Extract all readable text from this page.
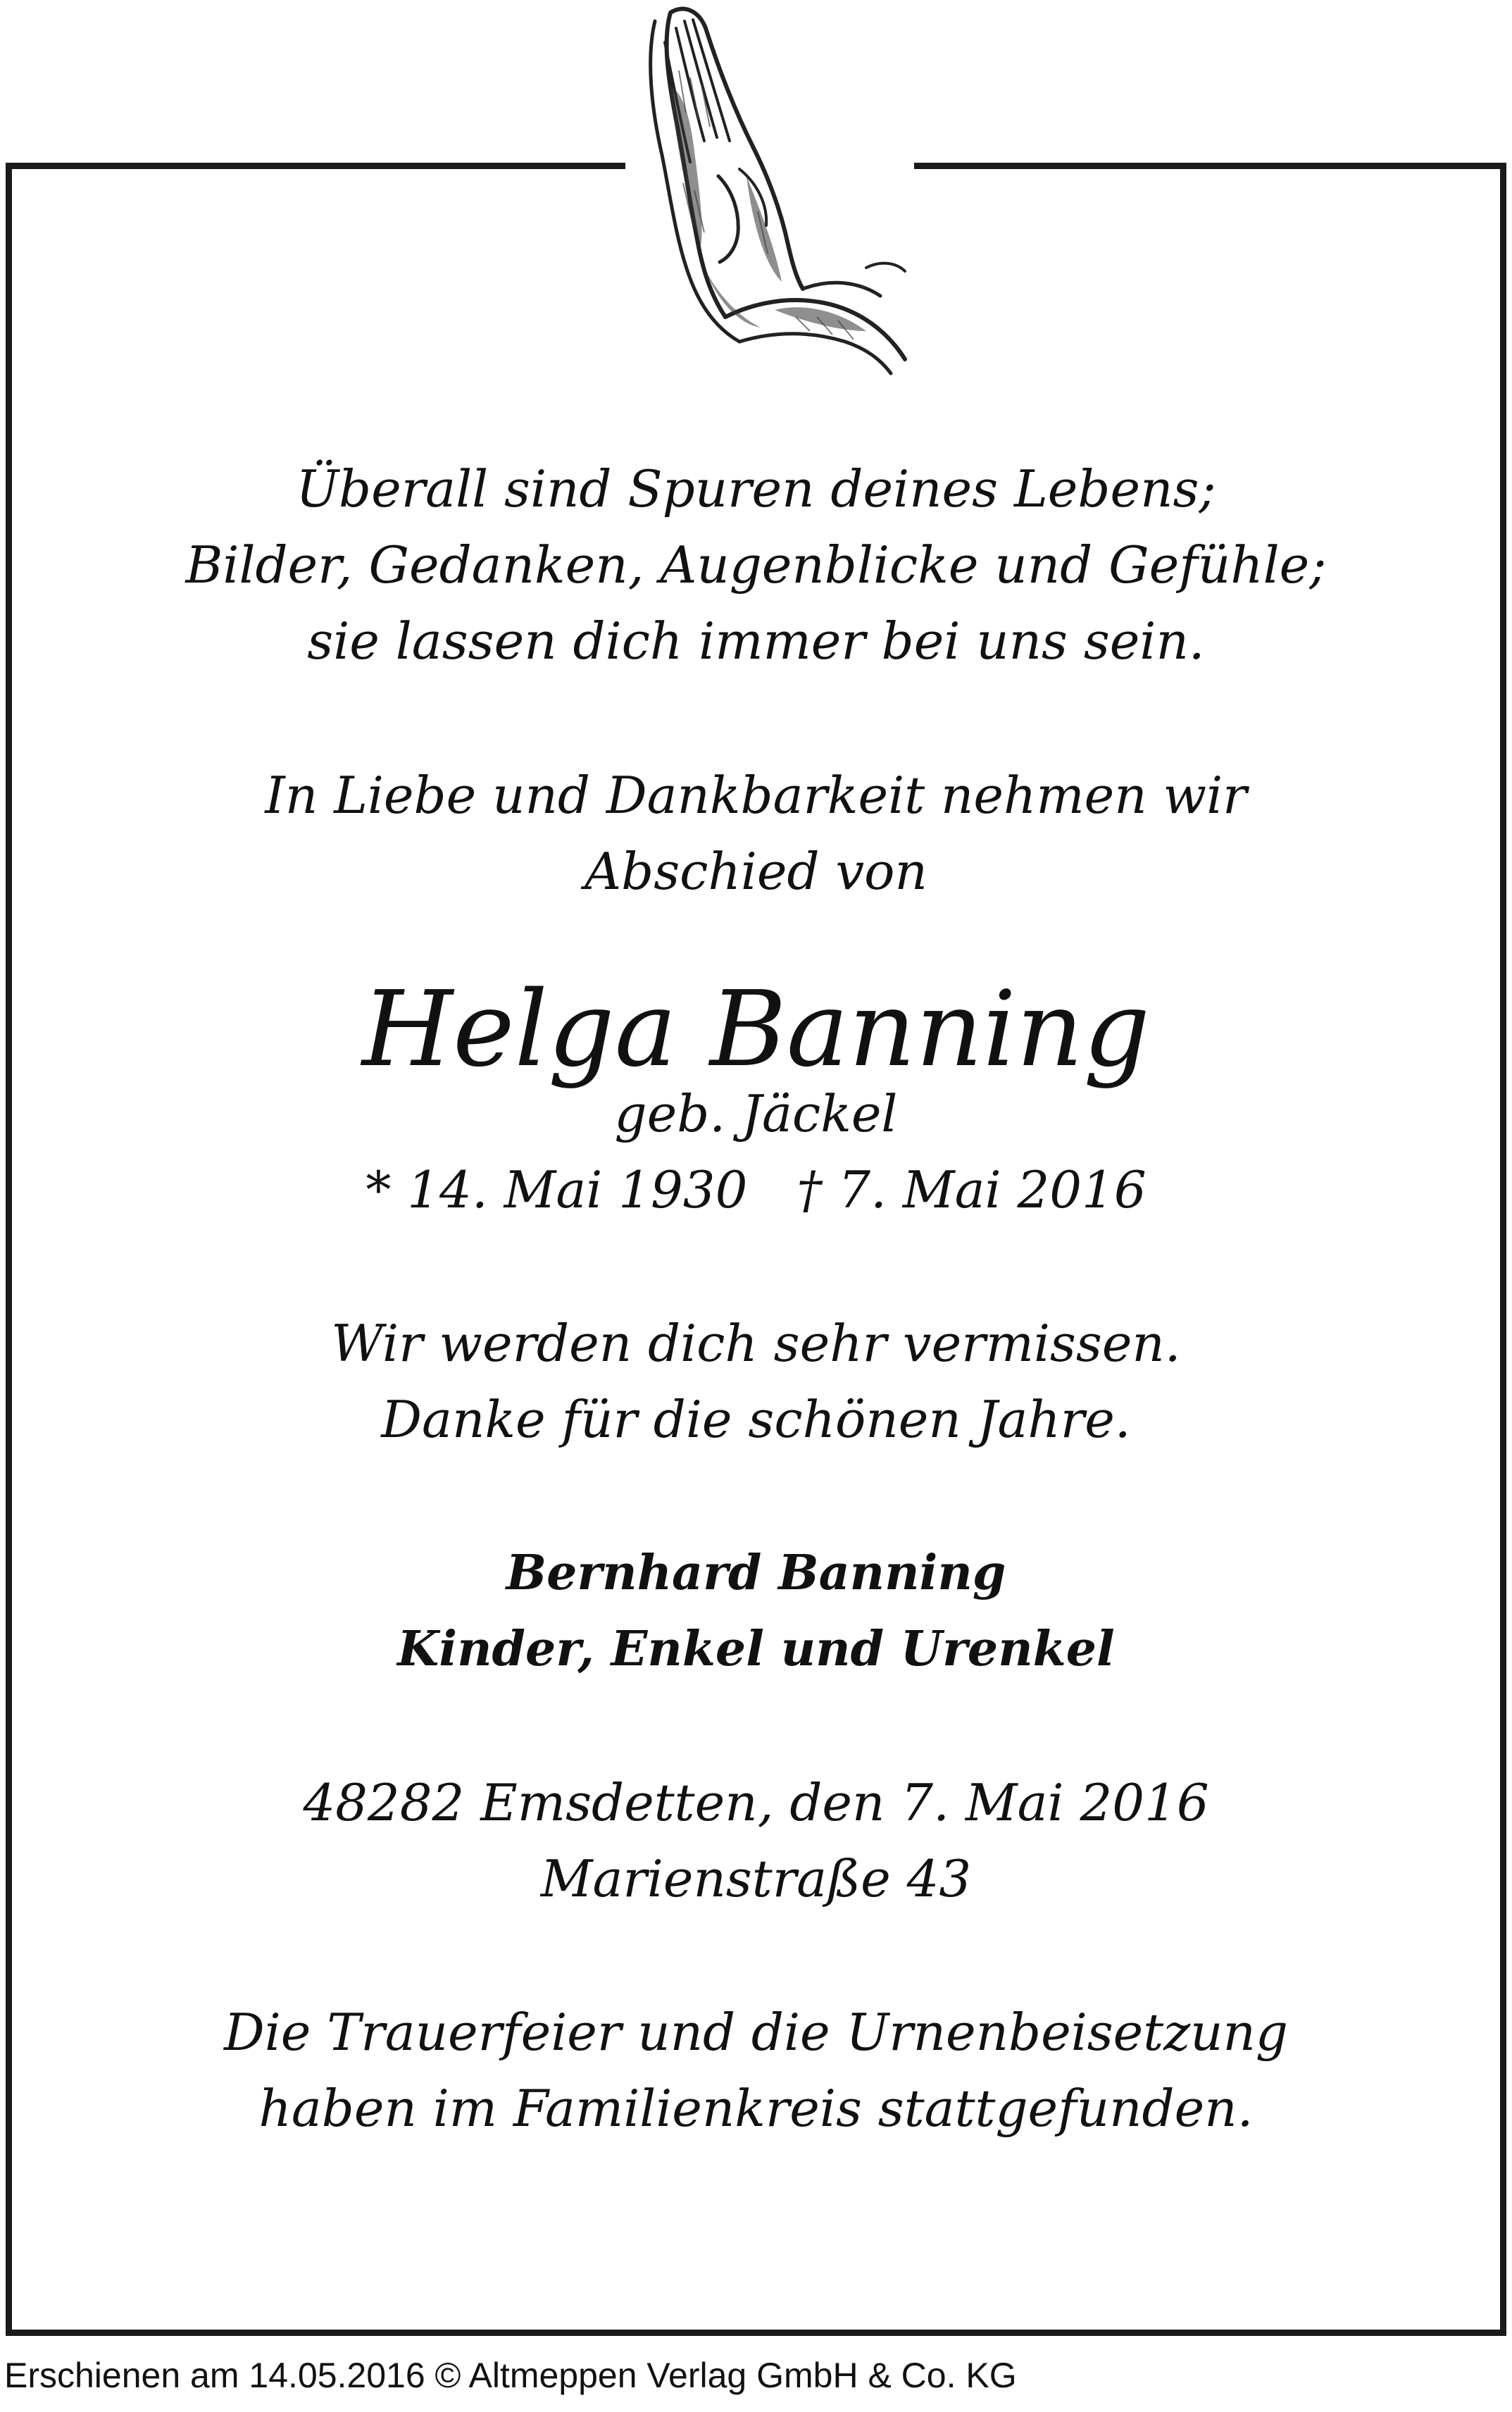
Überall sind Spuren deines Lebens;
Bilder, Gedanken, Augenblicke und Gefühle;
sie lassen dich immer bei uns sein.
In Liebe und Dankbarkeit nehmen wir
Abschied von
Helga Banning
geb. Jäckel
* 14. Mai 1930 † 7. Mai 2016
Wir werden dich sehr vermissen.
Danke für die schönen Jahre.
Bernhard Banning
Kinder, Enkel und Urenkel
48282 Emsdetten, den 7. Mai 2016
Marienstraße 43
Die Trauerfeier und die Urnenbeisetzung
haben im Familienkreis stattgefunden.
Erschienen am 14.05.2016 © Altmeppen Verlag GmbH & Co. KG
